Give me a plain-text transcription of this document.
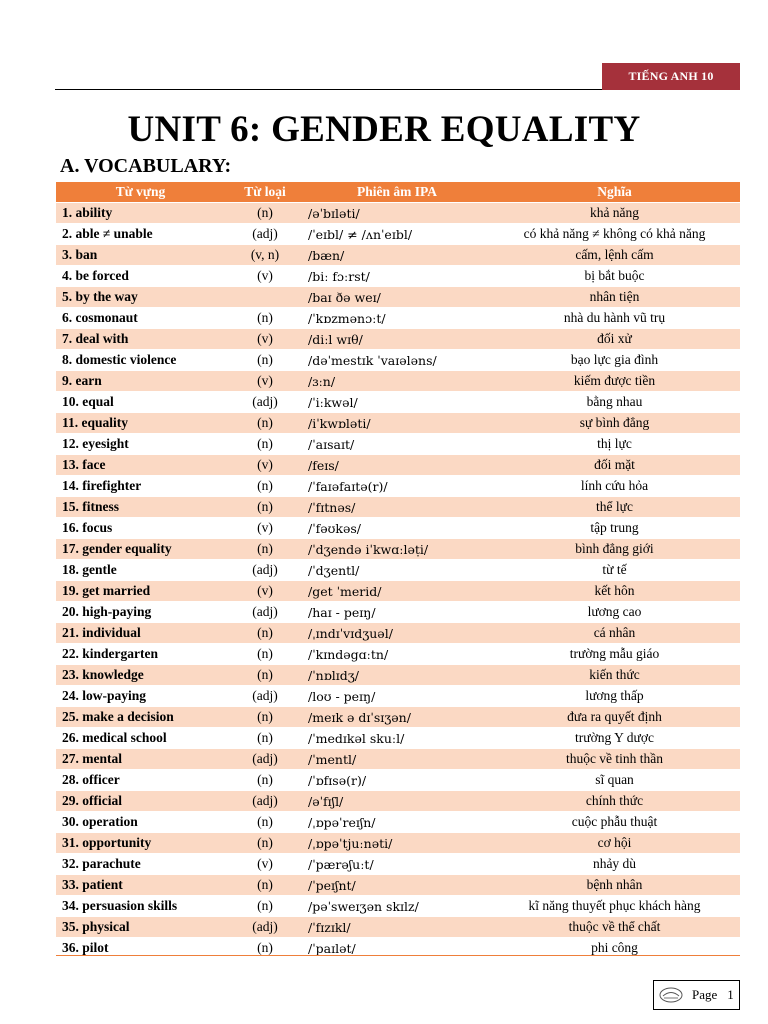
TIẾNG ANH 10
UNIT 6: GENDER EQUALITY
A. VOCABULARY:
Từ vựng	Từ loại	Phiên âm IPA	Nghĩa
1. ability	(n)	/əˈbɪləti/	khả năng
2. able ≠ unable	(adj)	/ˈeɪbl/ ≠ /ʌnˈeɪbl/	có khả năng ≠ không có khả năng
3. ban	(v, n)	/bæn/	cấm, lệnh cấm
4. be forced	(v)	/biː fɔːrst/	bị bắt buộc
5. by the way		/baɪ ðə weɪ/	nhân tiện
6. cosmonaut	(n)	/ˈkɒzmənɔːt/	nhà du hành vũ trụ
7. deal with	(v)	/diːl wɪθ/	đối xử
8. domestic violence	(n)	/dəˈmestɪk ˈvaɪələns/	bạo lực gia đình
9. earn	(v)	/ɜːn/	kiếm được tiền
10. equal	(adj)	/ˈiːkwəl/	bằng nhau
11. equality	(n)	/iˈkwɒləti/	sự bình đẳng
12. eyesight	(n)	/ˈaɪsaɪt/	thị lực
13. face	(v)	/feɪs/	đối mặt
14. firefighter	(n)	/ˈfaɪəfaɪtə(r)/	lính cứu hỏa
15. fitness	(n)	/ˈfɪtnəs/	thể lực
16. focus	(v)	/ˈfəʊkəs/	tập trung
17. gender equality	(n)	/ˈdʒendə iˈkwɑːləṭi/	bình đẳng giới
18. gentle	(adj)	/ˈdʒentl/	từ tế
19. get married	(v)	/get ˈmerid/	kết hôn
20. high-paying	(adj)	/haɪ - peɪŋ/	lương cao
21. individual	(n)	/ˌɪndɪˈvɪdʒuəl/	cá nhân
22. kindergarten	(n)	/ˈkɪndəgɑːtn/	trường mẫu giáo
23. knowledge	(n)	/ˈnɒlɪdʒ/	kiến thức
24. low-paying	(adj)	/loʊ - peɪŋ/	lương thấp
25. make a decision	(n)	/meɪk ə dɪˈsɪʒən/	đưa ra quyết định
26. medical school	(n)	/ˈmedɪkəl skuːl/	trường Y dược
27. mental	(adj)	/ˈmentl/	thuộc về tinh thần
28. officer	(n)	/ˈɒfɪsə(r)/	sĩ quan
29. official	(adj)	/əˈfɪʃl/	chính thức
30. operation	(n)	/ˌɒpəˈreɪʃn/	cuộc phẫu thuật
31. opportunity	(n)	/ˌɒpəˈtjuːnəti/	cơ hội
32. parachute	(v)	/ˈpærəʃuːt/	nhảy dù
33. patient	(n)	/ˈpeɪʃnt/	bệnh nhân
34. persuasion skills	(n)	/pəˈsweɪʒən skɪlz/	kĩ năng thuyết phục khách hàng
35. physical	(adj)	/ˈfɪzɪkl/	thuộc về thể chất
36. pilot	(n)	/ˈpaɪlət/	phi công
Page 1
